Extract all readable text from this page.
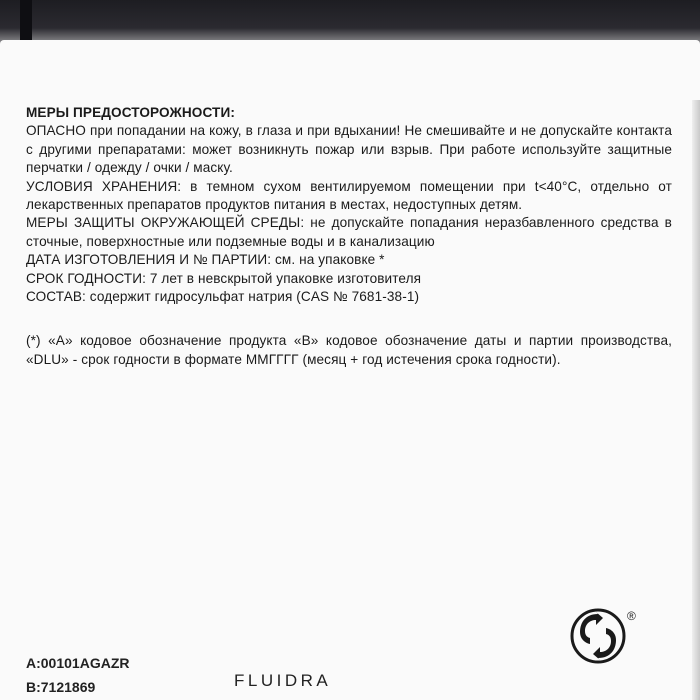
МЕРЫ ПРЕДОСТОРОЖНОСТИ:

ОПАСНО при попадании на кожу, в глаза и при вдыхании! Не смешивайте и не допускайте контакта с другими препаратами: может возникнуть пожар или взрыв. При работе используйте защитные перчатки / одежду / очки / маску.

УСЛОВИЯ ХРАНЕНИЯ: в темном сухом вентилируемом помещении при t<40°C, отдельно от лекарственных препаратов продуктов питания в местах, недоступных детям.

МЕРЫ ЗАЩИТЫ ОКРУЖАЮЩЕЙ СРЕДЫ: не допускайте попадания неразбавленного средства в сточные, поверхностные или подземные воды и в канализацию

ДАТА ИЗГОТОВЛЕНИЯ И № ПАРТИИ: см. на упаковке *

СРОК ГОДНОСТИ: 7 лет в невскрытой упаковке изготовителя

СОСТАВ: содержит гидросульфат натрия (CAS № 7681-38-1)

(*) «A» кодовое обозначение продукта «B» кодовое обозначение даты и партии производства, «DLU» - срок годности в формате ММГГГГ (месяц + год истечения срока годности).

A:00101AGAZR
B:7121869	FLUIDRA
®
